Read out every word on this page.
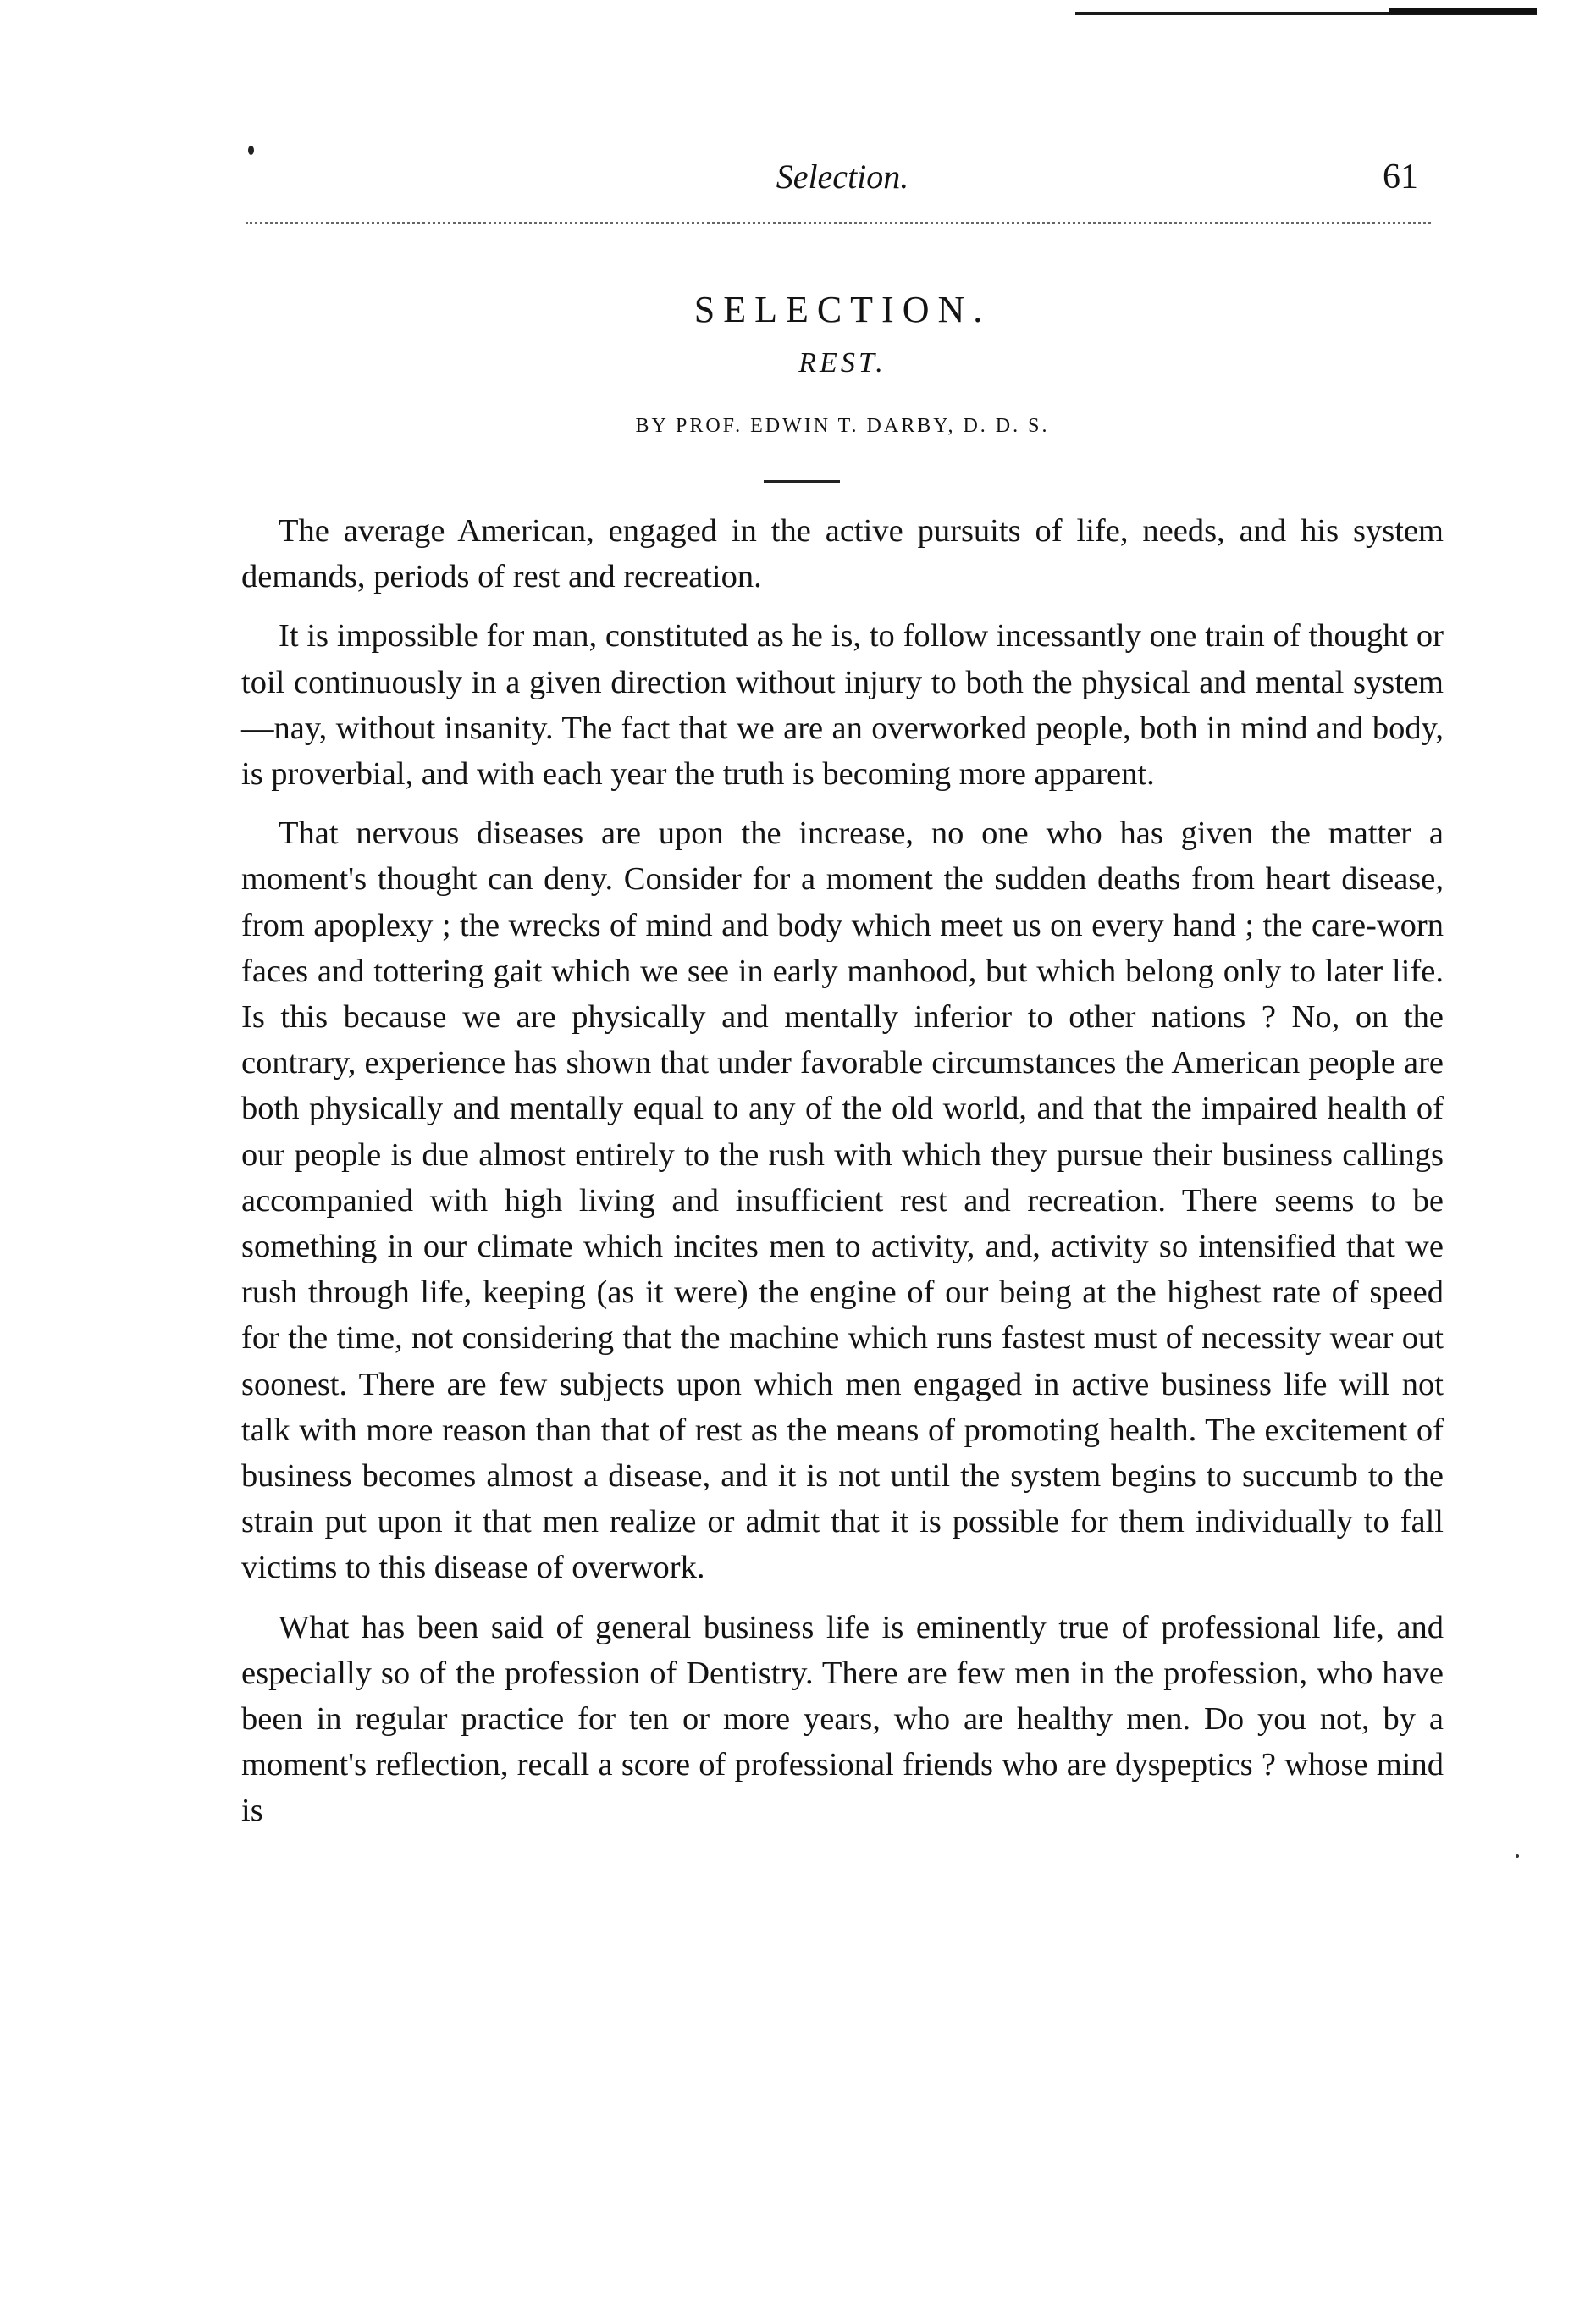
Selection.	61
SELECTION.
REST.
BY PROF. EDWIN T. DARBY, D. D. S.

The average American, engaged in the active pursuits of life, needs, and his system demands, periods of rest and recreation.

It is impossible for man, constituted as he is, to follow incessantly one train of thought or toil continuously in a given direction without injury to both the physical and mental system—nay, without insanity. The fact that we are an overworked people, both in mind and body, is proverbial, and with each year the truth is becoming more apparent.

That nervous diseases are upon the increase, no one who has given the matter a moment's thought can deny. Consider for a moment the sudden deaths from heart disease, from apoplexy ; the wrecks of mind and body which meet us on every hand ; the care-worn faces and tottering gait which we see in early manhood, but which belong only to later life. Is this because we are physically and mentally inferior to other nations ? No, on the contrary, experience has shown that under favorable circumstances the American people are both physically and mentally equal to any of the old world, and that the impaired health of our people is due almost entirely to the rush with which they pursue their business callings accompanied with high living and insufficient rest and recreation. There seems to be something in our climate which incites men to activity, and, activity so intensified that we rush through life, keeping (as it were) the engine of our being at the highest rate of speed for the time, not considering that the machine which runs fastest must of necessity wear out soonest. There are few subjects upon which men engaged in active business life will not talk with more reason than that of rest as the means of promoting health. The excitement of business becomes almost a disease, and it is not until the system begins to succumb to the strain put upon it that men realize or admit that it is possible for them individually to fall victims to this disease of overwork.

What has been said of general business life is eminently true of professional life, and especially so of the profession of Dentistry. There are few men in the profession, who have been in regular practice for ten or more years, who are healthy men. Do you not, by a moment's reflection, recall a score of professional friends who are dyspeptics ? whose mind is
